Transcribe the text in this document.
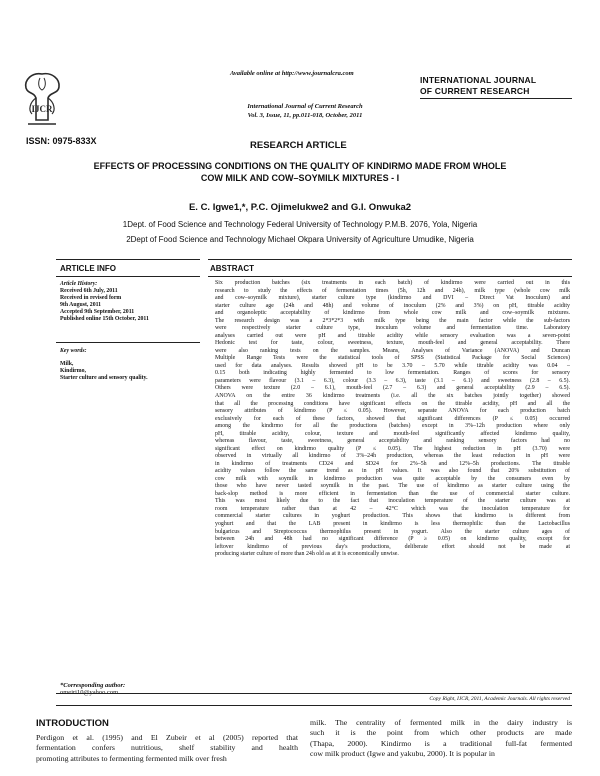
IJCR
Available online at http://www.journalcra.com
INTERNATIONAL JOURNAL
OF CURRENT RESEARCH
International Journal of Current Research
Vol. 3, Issue, 11, pp.011-018, October, 2011
ISSN: 0975-833X	RESEARCH ARTICLE
EFFECTS OF PROCESSING CONDITIONS ON THE QUALITY OF KINDIRMO MADE FROM WHOLE
COW MILK AND COW–SOYMILK MIXTURES - I
E. C. Igwe1,*, P.C. Ojimelukwe2 and G.I. Onwuka2
1Dept. of Food Science and Technology Federal University of Technology P.M.B. 2076, Yola, Nigeria
2Dept of Food Science and Technology Michael Okpara University of Agriculture Umudike, Nigeria
ARTICLE INFO	ABSTRACT
Article History:
Received 6th July, 2011
Received in revised form
9th August, 2011
Accepted 9th September, 2011
Published online 15th October, 2011
Key words:
Milk,
Kindirmo,
Starter culture and sensory quality.
*Corresponding author:
Six production batches (six treatments in each batch) of kindirmo were carried out in this
research to study the effects of fermentation times (5h, 12h and 24h), milk type (whole cow milk
and cow–soymilk mixture), starter culture type (kindirmo and DVI – Direct Vat Inoculum) and
starter culture age (24h and 48h) and volume of inoculum (2% and 3%) on pH, titrable acidity
and organoleptic acceptability of kindirmo from whole cow milk and cow–soymilk mixtures.
The research design was a 2*3*2*3 with milk type being the main factor while the sub-factors
were respectively starter culture type, inoculum volume and fermentation time. Laboratory
analyses carried out were pH and titrable acidity while sensory evaluation was a seven-point
Hedonic test for taste, colour, sweetness, texture, mouth-feel and general acceptability. There
were also ranking tests on the samples. Means, Analyses of Variance (ANOVA) and Duncan
Multiple Range Tests were the statistical tools of SPSS (Statistical Package for Social Sciences)
used for data analyses. Results showed pH to be 3.70 – 5.70 while titrable acidity was 0.04 –
0.15 both indicating highly fermented to low fermentation. Ranges of scores for sensory
parameters were flavour (3.1 – 6.3), colour (3.3 – 6.3), taste (3.1 – 6.1) and sweetness (2.8 – 6.5).
Others were texture (2.0 – 6.1), mouth-feel (2.7 – 6.3) and general acceptability (2.9 – 6.5).
ANOVA on the entire 36 kindirmo treatments (i.e. all the six batches jointly together) showed
that all the processing conditions have significant effects on the titrable acidity, pH and all the
sensory attributes of kindirmo (P ≤ 0.05). However, separate ANOVA for each production batch
exclusively for each of these factors, showed that significant differences (P ≤ 0.05) occurred
among the kindirmo for all the productions (batches) except in 3%–12h production where only
pH, titrable acidity, colour, texture and mouth-feel significantly affected kindirmo quality,
whereas flavour, taste, sweetness, general acceptability and ranking sensory factors had no
significant effect on kindirmo quality (P ≤ 0.05). The highest reduction in pH (3.70) were
observed in virtually all kindirmo of 3%–24h production, whereas the least reduction in pH were
in kindirmo of treatments CD24 and SD24 for 2%–5h and 12%–5h productions. The titrable
acidity values follow the same trend as in pH values. It was also found that 20% substitution of
cow milk with soymilk in kindirmo production was quite acceptable by the consumers even by
those who have never tasted soymilk in the past. The use of kindirmo as starter culture using the
back-slop method is more efficient in fermentation than the use of commercial starter culture.
This was most likely due to the fact that inoculation temperature of the starter culture was at
room temperature rather than at 42 – 42°C which was the inoculation temperature for
commercial starter cultures in yoghurt production. This shows that kindirmo is different from
yoghurt and that the LAB present in kindirmo is less thermophilic than the Lactobacillus
bulgaricus and Streptococcus thermophilus present in yogurt. Also the starter culture ages of
between 24h and 48h had no significant difference (P ≥ 0.05) on kindirmo quality, except for
leftover kindirmo of previous day's productions, deliberate effort should not be made at
producing starter culture of more than 24h old as at it is economically unwise.
Copy Right, IJCR, 2011, Academic Journals. All rights reserved
INTRODUCTION
Perdigon et al. (1995) and El Zubeir et al (2005) reported that
fermentation confers nutritious, shelf stability and health
promoting attributes to fermenting fermented milk over fresh
milk. The centrality of fermented milk in the dairy industry is
such it is the point from which other products are made
(Thapa, 2000). Kindirmo is a traditional full-fat fermented
cow milk product (Igwe and yakubu, 2000). It is popular in
